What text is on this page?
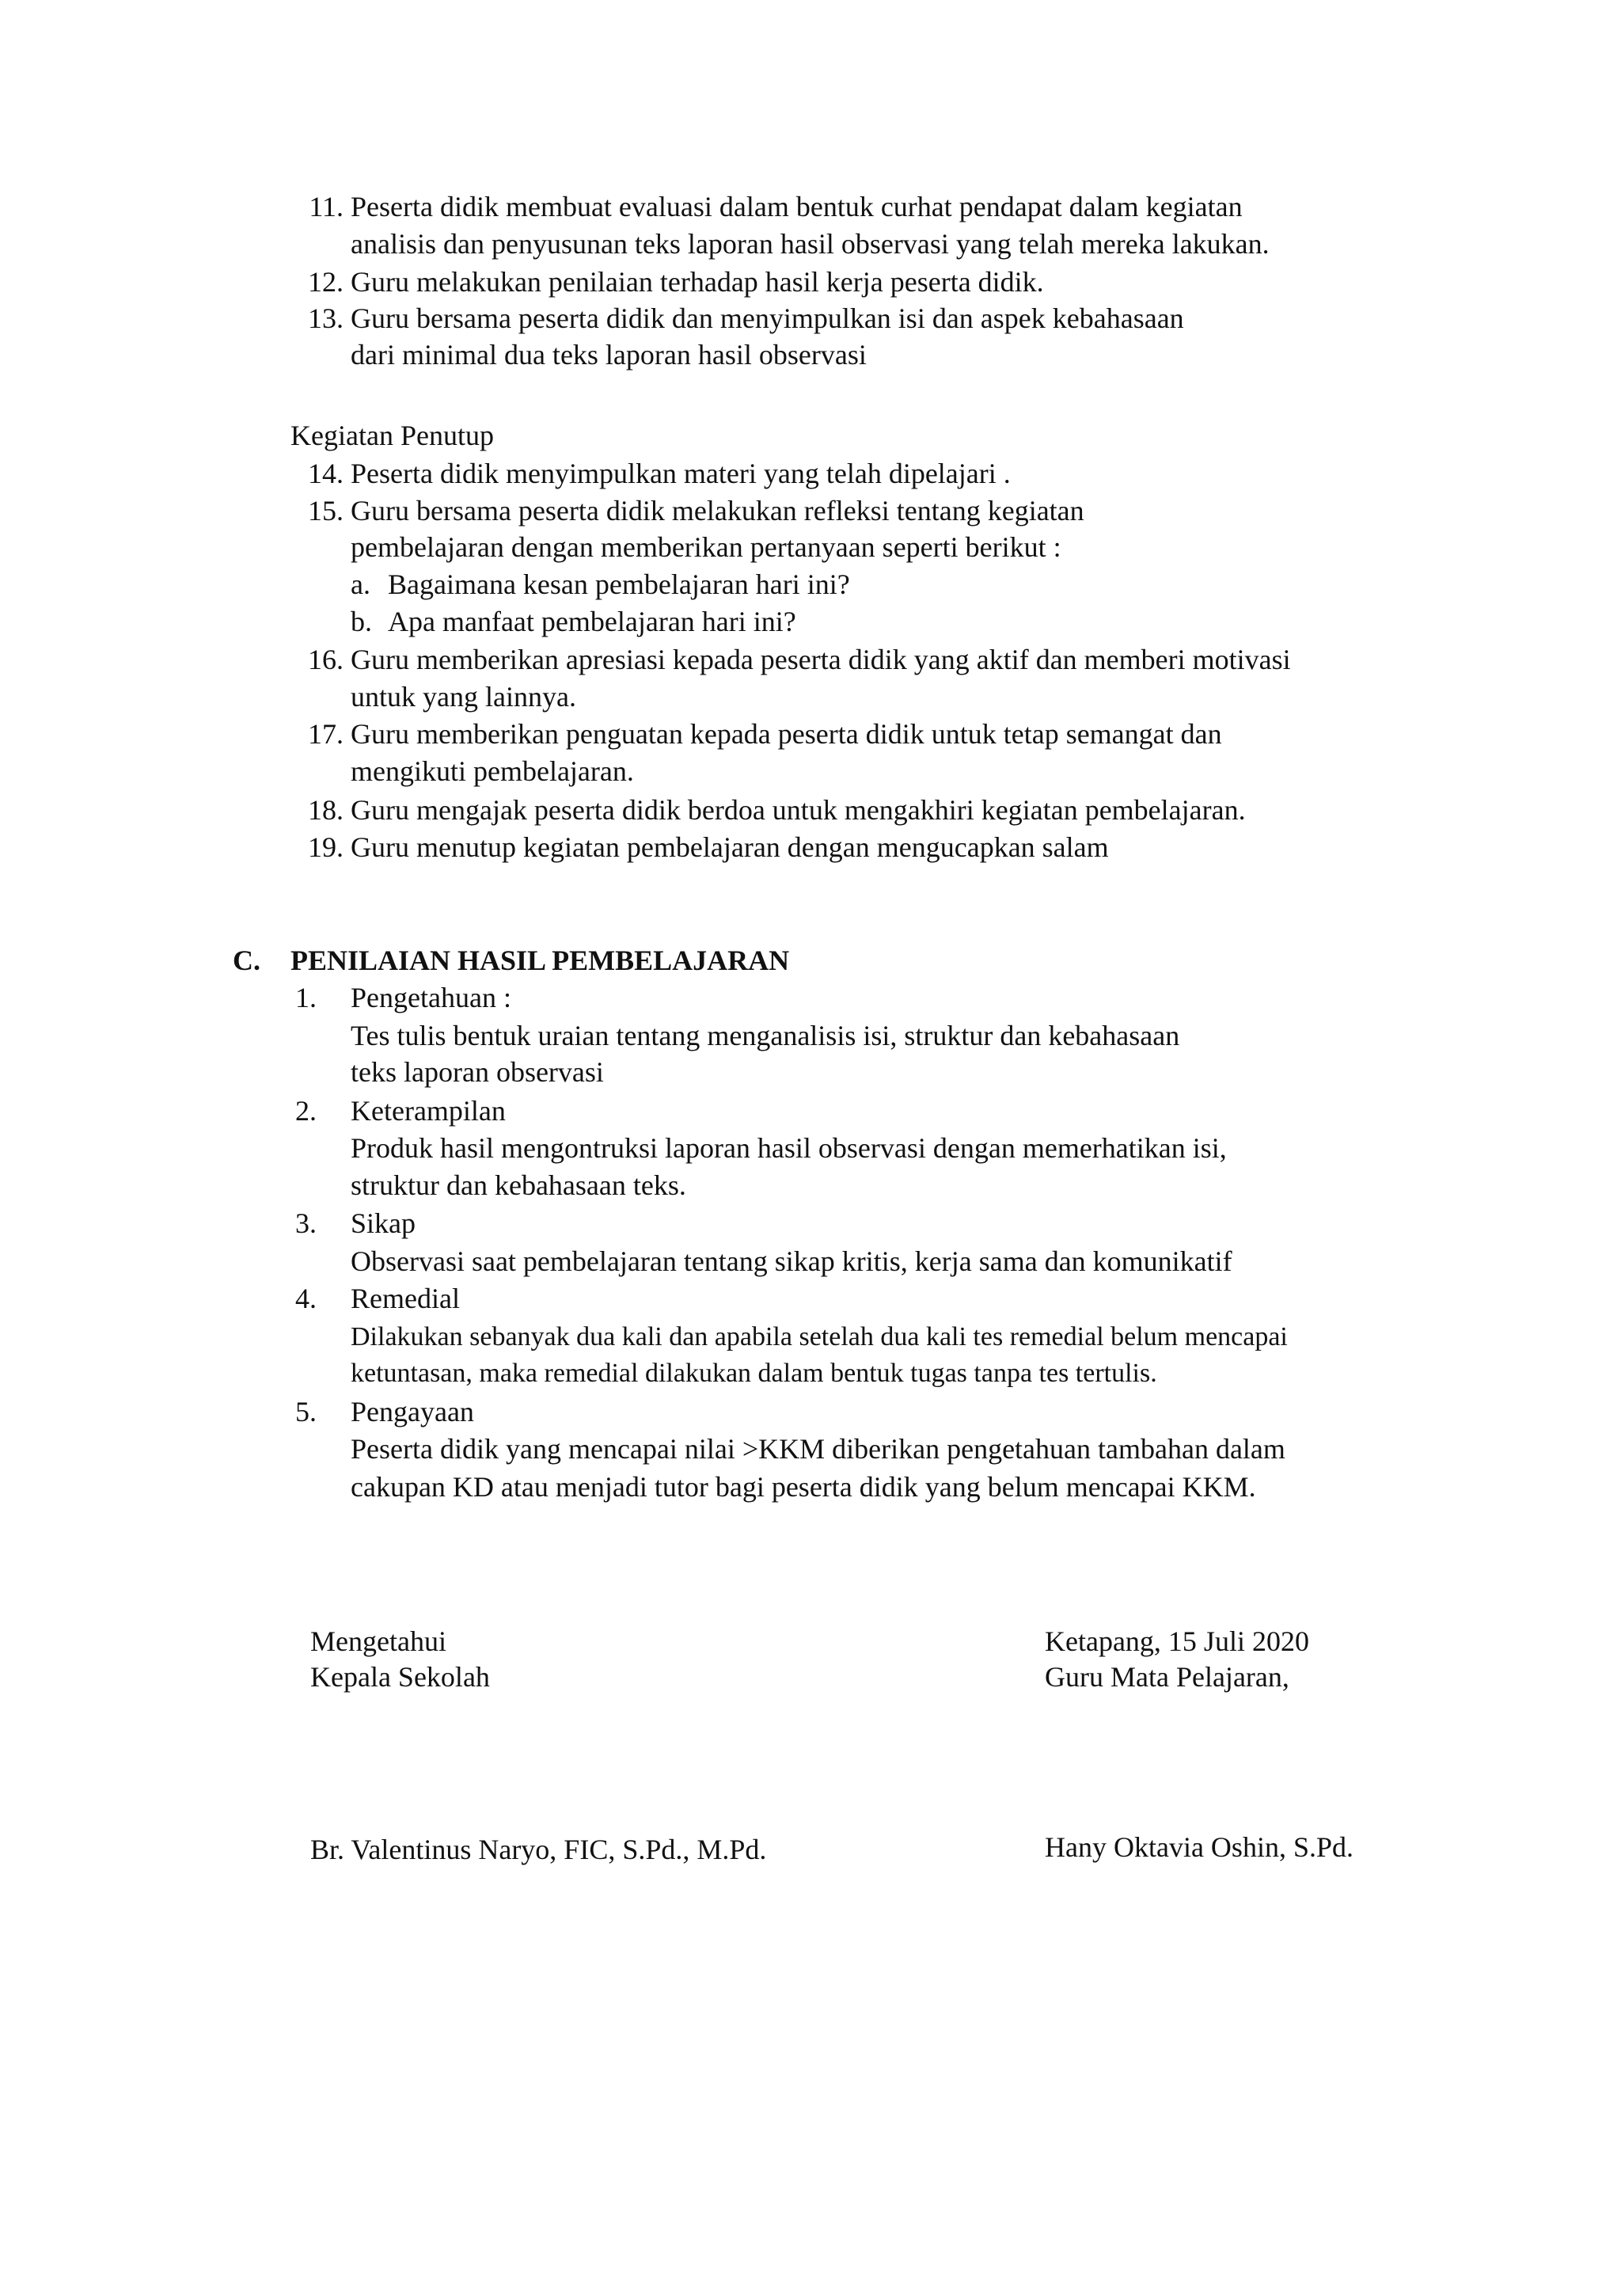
11. Peserta didik membuat evaluasi dalam bentuk curhat pendapat dalam kegiatan
analisis dan penyusunan teks laporan hasil observasi yang telah mereka lakukan.
12. Guru melakukan penilaian terhadap hasil kerja peserta didik.
13. Guru bersama peserta didik dan menyimpulkan isi dan aspek kebahasaan
dari minimal dua teks laporan hasil observasi
Kegiatan Penutup
14. Peserta didik menyimpulkan materi yang telah dipelajari .
15. Guru bersama peserta didik melakukan refleksi tentang kegiatan
pembelajaran dengan memberikan pertanyaan seperti berikut :
a. Bagaimana kesan pembelajaran hari ini?
b. Apa manfaat pembelajaran hari ini?
16. Guru memberikan apresiasi kepada peserta didik yang aktif dan memberi motivasi
untuk yang lainnya.
17. Guru memberikan penguatan kepada peserta didik untuk tetap semangat dan
mengikuti pembelajaran.
18. Guru mengajak peserta didik berdoa untuk mengakhiri kegiatan pembelajaran.
19. Guru menutup kegiatan pembelajaran dengan mengucapkan salam
C. PENILAIAN HASIL PEMBELAJARAN
1. Pengetahuan :
Tes tulis bentuk uraian tentang menganalisis isi, struktur dan kebahasaan
teks laporan observasi
2. Keterampilan
Produk hasil mengontruksi laporan hasil observasi dengan memerhatikan isi,
struktur dan kebahasaan teks.
3. Sikap
Observasi saat pembelajaran tentang sikap kritis, kerja sama dan komunikatif
4. Remedial
Dilakukan sebanyak dua kali dan apabila setelah dua kali tes remedial belum mencapai
ketuntasan, maka remedial dilakukan dalam bentuk tugas tanpa tes tertulis.
5. Pengayaan
Peserta didik yang mencapai nilai >KKM diberikan pengetahuan tambahan dalam
cakupan KD atau menjadi tutor bagi peserta didik yang belum mencapai KKM.
Mengetahui
Kepala Sekolah
Br. Valentinus Naryo, FIC, S.Pd., M.Pd.
Ketapang, 15 Juli 2020
Guru Mata Pelajaran,
Hany Oktavia Oshin, S.Pd.
